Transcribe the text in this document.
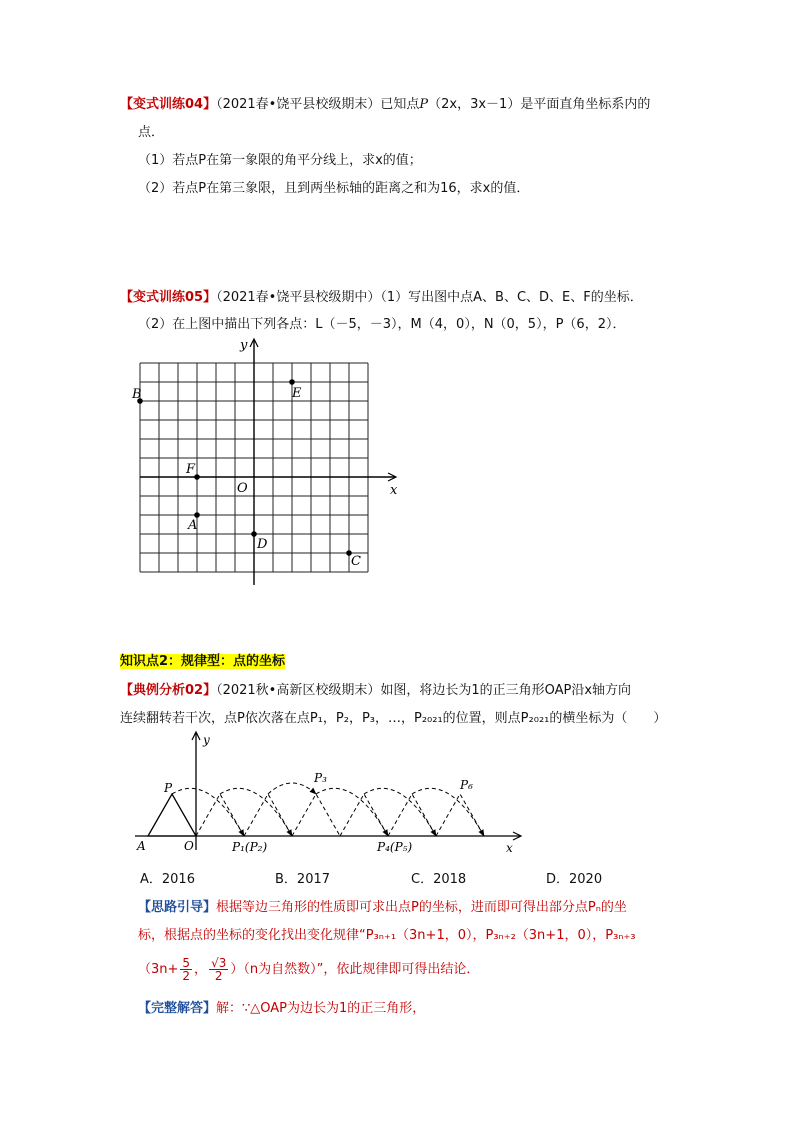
【变式训练04】（2021春•饶平县校级期末）已知点P（2x，3x－1）是平面直角坐标系内的
点．
（1）若点P在第一象限的角平分线上，求x的值；
（2）若点P在第三象限，且到两坐标轴的距离之和为16，求x的值．
【变式训练05】（2021春•饶平县校级期中）（1）写出图中点A、B、C、D、E、F的坐标．
（2）在上图中描出下列各点：L（－5，－3），M（4，0），N（0，5），P（6，2）．
x
y
O
A
B
C
D
E
F
知识点2：规律型：点的坐标
【典例分析02】（2021秋•高新区校级期末）如图，将边长为1的正三角形OAP沿x轴方向
连续翻转若干次，点P依次落在点P₁，P₂，P₃，…，P₂₀₂₁的位置，则点P₂₀₂₁的横坐标为（　　）
y
x
A	O
P
P₁(P₂)
P₃
P₄(P₅)
P₆
A．2016	B．2017	C．2018	D．2020
【思路引导】根据等边三角形的性质即可求出点P的坐标，进而即可得出部分点Pₙ的坐
标，根据点的坐标的变化找出变化规律“P₃ₙ₊₁（3n+1，0），P₃ₙ₊₂（3n+1，0），P₃ₙ₊₃
（$3n+ \frac{5}{2}$ ， $\frac{√3}{2} )(n$为自然数）”，依此规律即可得出结论．
【完整解答】解：∵△OAP为边长为1的正三角形，
